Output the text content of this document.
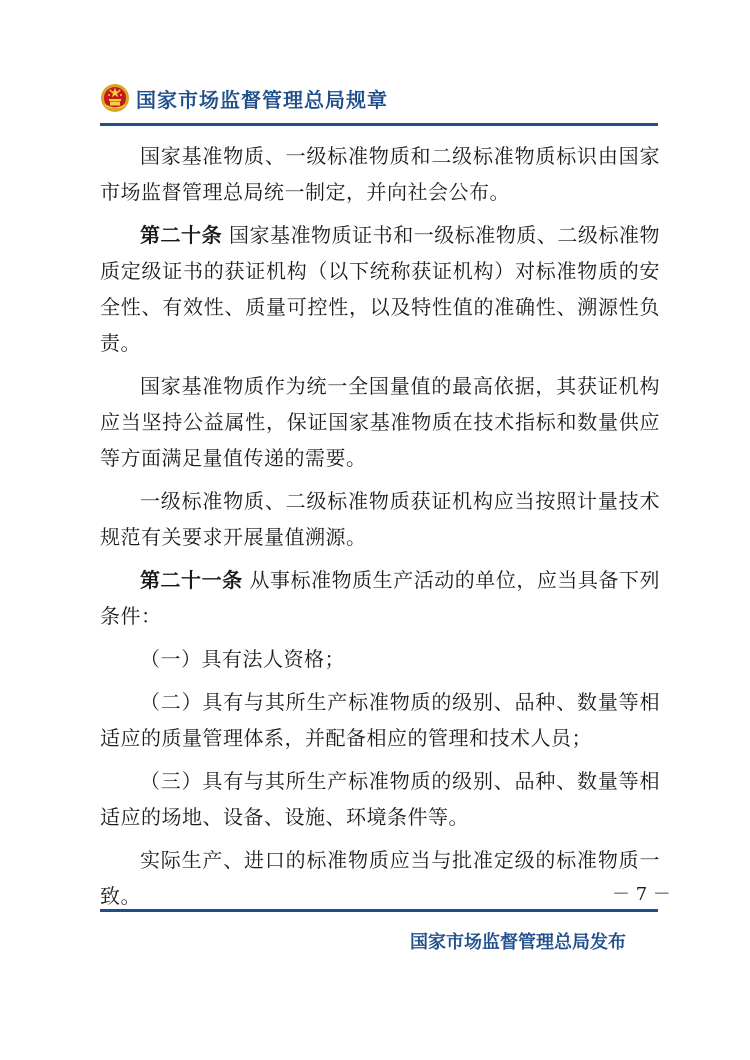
国家市场监督管理总局规章

国家基准物质、一级标准物质和二级标准物质标识由国家市场监督管理总局统一制定，并向社会公布。

第二十条 国家基准物质证书和一级标准物质、二级标准物质定级证书的获证机构（以下统称获证机构）对标准物质的安全性、有效性、质量可控性，以及特性值的准确性、溯源性负责。

国家基准物质作为统一全国量值的最高依据，其获证机构应当坚持公益属性，保证国家基准物质在技术指标和数量供应等方面满足量值传递的需要。

一级标准物质、二级标准物质获证机构应当按照计量技术规范有关要求开展量值溯源。

第二十一条 从事标准物质生产活动的单位，应当具备下列条件：

（一）具有法人资格；

（二）具有与其所生产标准物质的级别、品种、数量等相适应的质量管理体系，并配备相应的管理和技术人员；

（三）具有与其所生产标准物质的级别、品种、数量等相适应的场地、设备、设施、环境条件等。

实际生产、进口的标准物质应当与批准定级的标准物质一致。	－ 7 －
国家市场监督管理总局发布
